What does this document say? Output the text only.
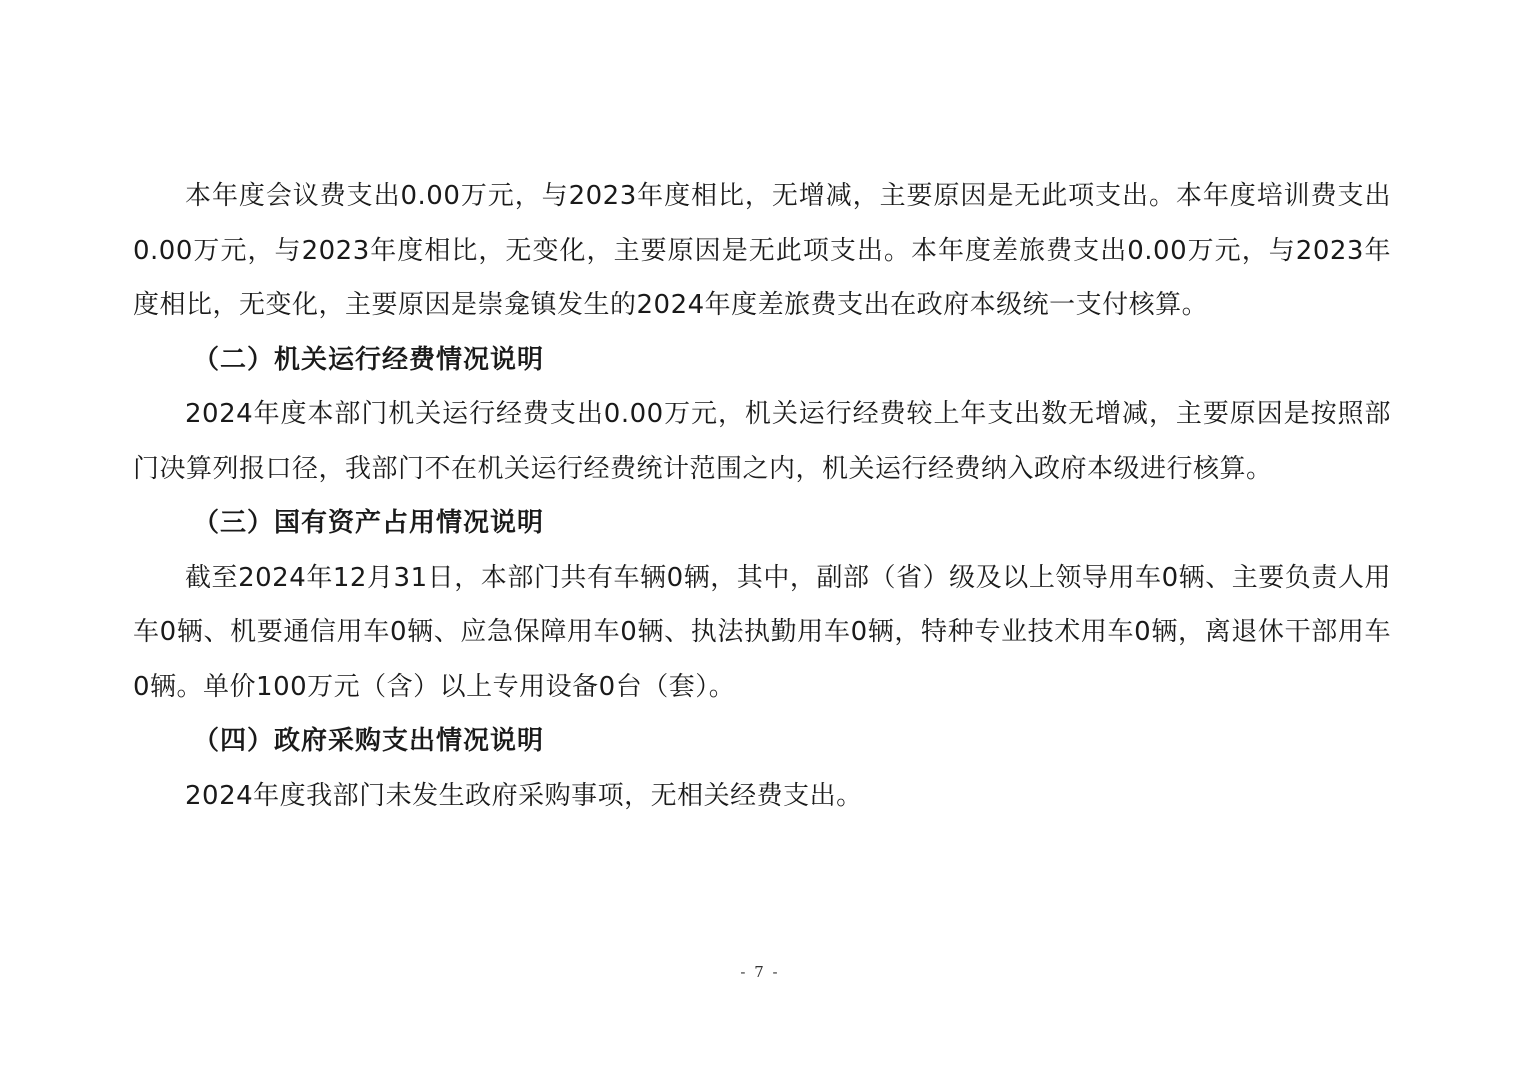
本年度会议费支出0.00万元，与2023年度相比，无增减，主要原因是无此项支出。本年度培训费支出0.00万元，与2023年度相比，无变化，主要原因是无此项支出。本年度差旅费支出0.00万元，与2023年度相比，无变化，主要原因是崇龛镇发生的2024年度差旅费支出在政府本级统一支付核算。

（二）机关运行经费情况说明

2024年度本部门机关运行经费支出0.00万元，机关运行经费较上年支出数无增减，主要原因是按照部门决算列报口径，我部门不在机关运行经费统计范围之内，机关运行经费纳入政府本级进行核算。

（三）国有资产占用情况说明

截至2024年12月31日，本部门共有车辆0辆，其中，副部（省）级及以上领导用车0辆、主要负责人用车0辆、机要通信用车0辆、应急保障用车0辆、执法执勤用车0辆，特种专业技术用车0辆，离退休干部用车0辆。单价100万元（含）以上专用设备0台（套）。

（四）政府采购支出情况说明

2024年度我部门未发生政府采购事项，无相关经费支出。

- 7 -
